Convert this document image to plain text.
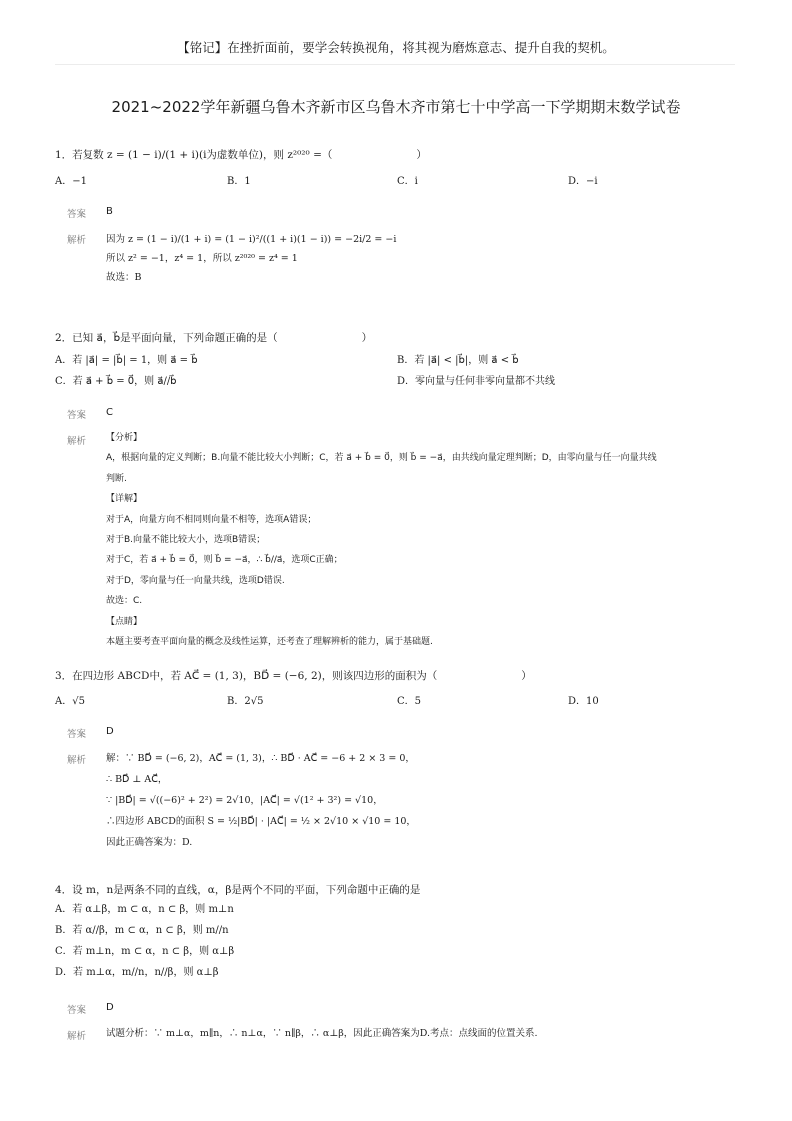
【铭记】在挫折面前，要学会转换视角，将其视为磨炼意志、提升自我的契机。
2021~2022学年新疆乌鲁木齐新市区乌鲁木齐市第七十中学高一下学期期末数学试卷
1．若复数 z = (1 − i)/(1 + i)(i为虚数单位)，则 z²⁰²⁰ =（　　　　　　　　）
A．−1	B．1	C．i	D．−i
答案 B
解析 因为 z = (1 − i)/(1 + i) = (1 − i)²/((1 + i)(1 − i)) = −2i/2 = −i
所以 z² = −1，z⁴ = 1，所以 z²⁰²⁰ = z⁴ = 1
故选：B
2．已知 a⃗，b⃗是平面向量，下列命题正确的是（　　　　　　　　）
A．若 |a⃗| = |b⃗| = 1，则 a⃗ = b⃗	B．若 |a⃗| < |b⃗|，则 a⃗ < b⃗
C．若 a⃗ + b⃗ = 0⃗，则 a⃗//b⃗	D．零向量与任何非零向量都不共线
答案 C
解析 【分析】
A，根据向量的定义判断；B.向量不能比较大小判断；C，若 a⃗ + b⃗ = 0⃗，则 b⃗ = −a⃗，由共线向量定理判断；D，由零向量与任一向量共线
判断.
【详解】
对于A，向量方向不相同则向量不相等，选项A错误；
对于B.向量不能比较大小，选项B错误；
对于C，若 a⃗ + b⃗ = 0⃗，则 b⃗ = −a⃗，∴ b⃗//a⃗，选项C正确；
对于D，零向量与任一向量共线，选项D错误.
故选：C.
【点睛】
本题主要考查平面向量的概念及线性运算，还考查了理解辨析的能力，属于基础题.
3．在四边形 ABCD中，若 AC⃗ = (1, 3)，BD⃗ = (−6, 2)，则该四边形的面积为（　　　　　　　　）
A．√5	B．2√5	C．5	D．10
答案 D
解析 解：∵ BD⃗ = (−6, 2)，AC⃗ = (1, 3)，∴ BD⃗ · AC⃗ = −6 + 2 × 3 = 0，
∴ BD⃗ ⊥ AC⃗，
∵ |BD⃗| = √((−6)² + 2²) = 2√10，|AC⃗| = √(1² + 3²) = √10，
∴四边形 ABCD的面积 S = ½|BD⃗| · |AC⃗| = ½ × 2√10 × √10 = 10，
因此正确答案为：D.
4．设 m，n是两条不同的直线，α，β是两个不同的平面，下列命题中正确的是
A．若 α⊥β，m ⊂ α，n ⊂ β，则 m⊥n
B．若 α//β，m ⊂ α，n ⊂ β，则 m//n
C．若 m⊥n，m ⊂ α，n ⊂ β，则 α⊥β
D．若 m⊥α，m//n，n//β，则 α⊥β
答案 D
解析 试题分析：∵ m⊥α，m∥n，∴ n⊥α，∵ n∥β，∴ α⊥β，因此正确答案为D.考点：点线面的位置关系.
